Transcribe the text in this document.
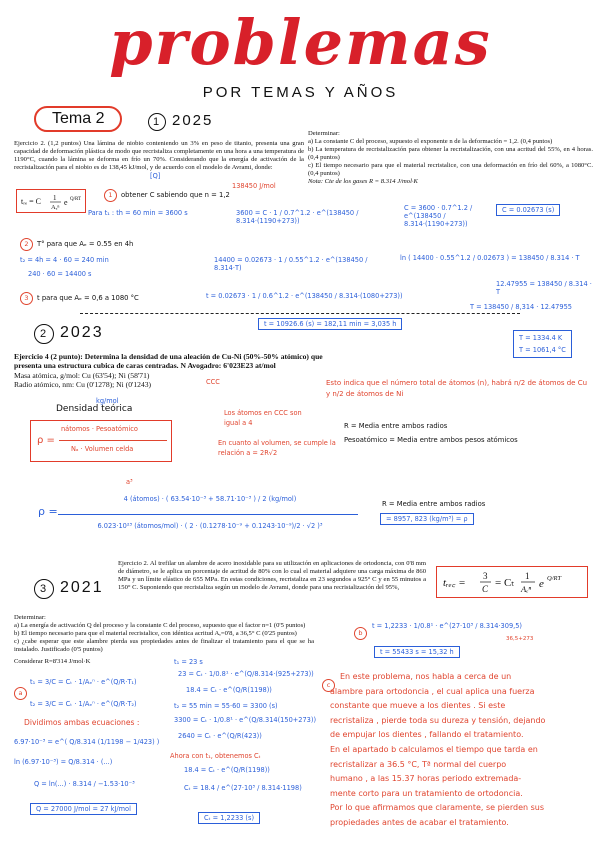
problemas
POR TEMAS Y AÑOS
Tema 2	1 2025
Ejercicio 2. (1,2 puntos) Una lámina de niobio conteniendo un 3% en peso de titanio, presenta una gran capacidad de deformación plástica de modo que recristaliza completamente en una hora a una temperatura de 1190°C, cuando la lámina se deforma en frío un 70%. Considerando que la energía de activación de la recristalización para el niobio es de 138,45 kJ/mol, y de acuerdo con el modelo de Avrami, donde:
[Q]
138450 J/mol
tᵣₑ = C 1
Aₑⁿ
e Q/RT
Determinar:
a) La constante C del proceso, supuesto el exponente n de la deformación = 1,2. (0,4 puntos)
b) La temperatura de recristalización para obtener la recristalización, con una acritud del 55%, en 4 horas. (0,4 puntos)
c) El tiempo necesario para que el material recristalice, con una deformación en frío del 60%, a 1080°C. (0,4 puntos)
Nota: Cte de los gases R = 8.314 J/mol·K
1 obtener C sabiendo que n = 1,2
Para t₁ : th = 60 min = 3600 s	3600 = C · 1 / 0.7^1.2 · e^(138450 / 8.314·(1190+273))
C = 3600 · 0.7^1.2 / e^(138450 / 8.314·(1190+273))
C = 0.02673 (s)
2 T° para que Aₑ = 0.55 en 4h
t₂ = 4h = 4 · 60 = 240 min
240 · 60 = 14400 s
14400 = 0.02673 · 1 / 0.55^1.2 · e^(138450 / 8.314·T)
ln ( 14400 · 0.55^1.2 / 0.02673 ) = 138450 / 8.314 · T
12.47955 = 138450 / 8.314 · T
3 t para que Aₑ = 0,6 a 1080 °C	t = 0.02673 · 1 / 0.6^1.2 · e^(138450 / 8.314·(1080+273))
T = 138450 / 8,314 · 12.47955
t = 10926.6 (s) = 182,11 min = 3,035 h
T = 1334.4 K
T = 1061,4 °C
2 2023
Ejercicio 4 (2 punto): Determina la densidad de una aleación de Cu-Ni (50%-50% atómico) que presenta una estructura cubica de caras centradas. N Avogadro: 6'023E23 at/mol
Masa atómica, g/mol: Cu (63'54); Ni (58'71)
Radio atómico, nm: Cu (0'1278); Ni (0'1243)
kg/mol
Densidad teórica
ρ =
nátomos · Pesoatómico
Nₐ · Volumen celda
CCC
Los átomos en CCC son igual a 4
En cuanto al volumen, se cumple la relación a = 2R√2
a³
Esto indica que el número total de átomos (n), habrá n/2 de átomos de Cu y n/2 de átomos de Ni
R = Media entre ambos radios
Pesoatómico = Media entre ambos pesos atómicos
ρ =
4 (átomos) · ( 63.54·10⁻³ + 58.71·10⁻³ ) / 2 (kg/mol)
6.023·10²³ (átomos/mol) · ( 2 · (0.1278·10⁻⁹ + 0.1243·10⁻⁹)/2 · √2 )³
R = Media entre ambos radios
= 8957, 823 (kg/m³) = ρ
3 2021
Ejercicio 2. Al trefilar un alambre de acero inoxidable para su utilización en aplicaciones de ortodoncia, con 0'8 mm de diámetro, se le aplica un porcentaje de acritud de 80% con lo cual el material adquiere una carga máxima de 860 MPa y un límite elástico de 655 MPa. En estas condiciones, recristaliza en 23 segundos a 925° C y en 55 minutos a 150° C. Suponiendo que recristaliza según un modelo de Avrami, donde para una recristalización del 95%,	tᵣₑ꜀ =
3
C = Cₜ
1
Aₑⁿ e Q/RT
Determinar:
a) La energía de activación Q del proceso y la constante C del proceso, supuesto que el factor n=1 (0'5 puntos)
b) El tiempo necesario para que el material recristalice, con idéntica acritud Aₑ=0'8, a 36,5° C (0'25 puntos)
c) ¿cabe esperar que este alambre pierda sus propiedades antes de finalizar el tratamiento para el que se ha instalado. Justificado (0'5 puntos)
Considerar R=8'314 J/mol·K
a
t₁ = 3/C = Cₜ · 1/Aₑⁿ · e^(Q/R·T₁)
t₂ = 3/C = Cₜ · 1/Aₑⁿ · e^(Q/R·T₂)
Dividimos ambas ecuaciones :
6.97·10⁻³ = e^( Q/8.314 (1/1198 − 1/423) )
ln (6.97·10⁻³) = Q/8.314 · (...)
Q = ln(...) · 8.314 / −1.53·10⁻³
Q = 27000 J/mol = 27 kJ/mol
t₁ = 23 s
23 = Cₜ · 1/0.8¹ · e^(Q/8.314·(925+273))
18.4 = Cₜ · e^(Q/R(1198))
t₂ = 55 min = 55·60 = 3300 (s)
3300 = Cₜ · 1/0.8¹ · e^(Q/8.314(150+273))
2640 = Cₜ · e^(Q/R(423))
Ahora con t₁, obtenemos Cₜ
18.4 = Cₜ · e^(Q/R(1198))
Cₜ = 18.4 / e^(27·10³ / 8.314·1198)
Cₜ = 1,2233 (s)
b
t = 1,2233 · 1/0.8¹ · e^(27·10³ / 8.314·309,5)
36,5+273
t = 55433 s = 15,32 h
c
En este problema, nos habla a cerca de un
alambre para ortodoncia , el cual aplica una fuerza
constante que mueve a los dientes . Si este
recristaliza , pierde toda su dureza y tensión, dejando
de empujar los dientes , fallando el tratamiento.
En el apartado b calculamos el tiempo que tarda en
recristalizar a 36.5 °C, Tª normal del cuerpo
humano , a las 15.37 horas periodo extremada-
mente corto para un tratamiento de ortodoncia.
Por lo que afirmamos que claramente, se pierden sus
propiedades antes de acabar el tratamiento.
